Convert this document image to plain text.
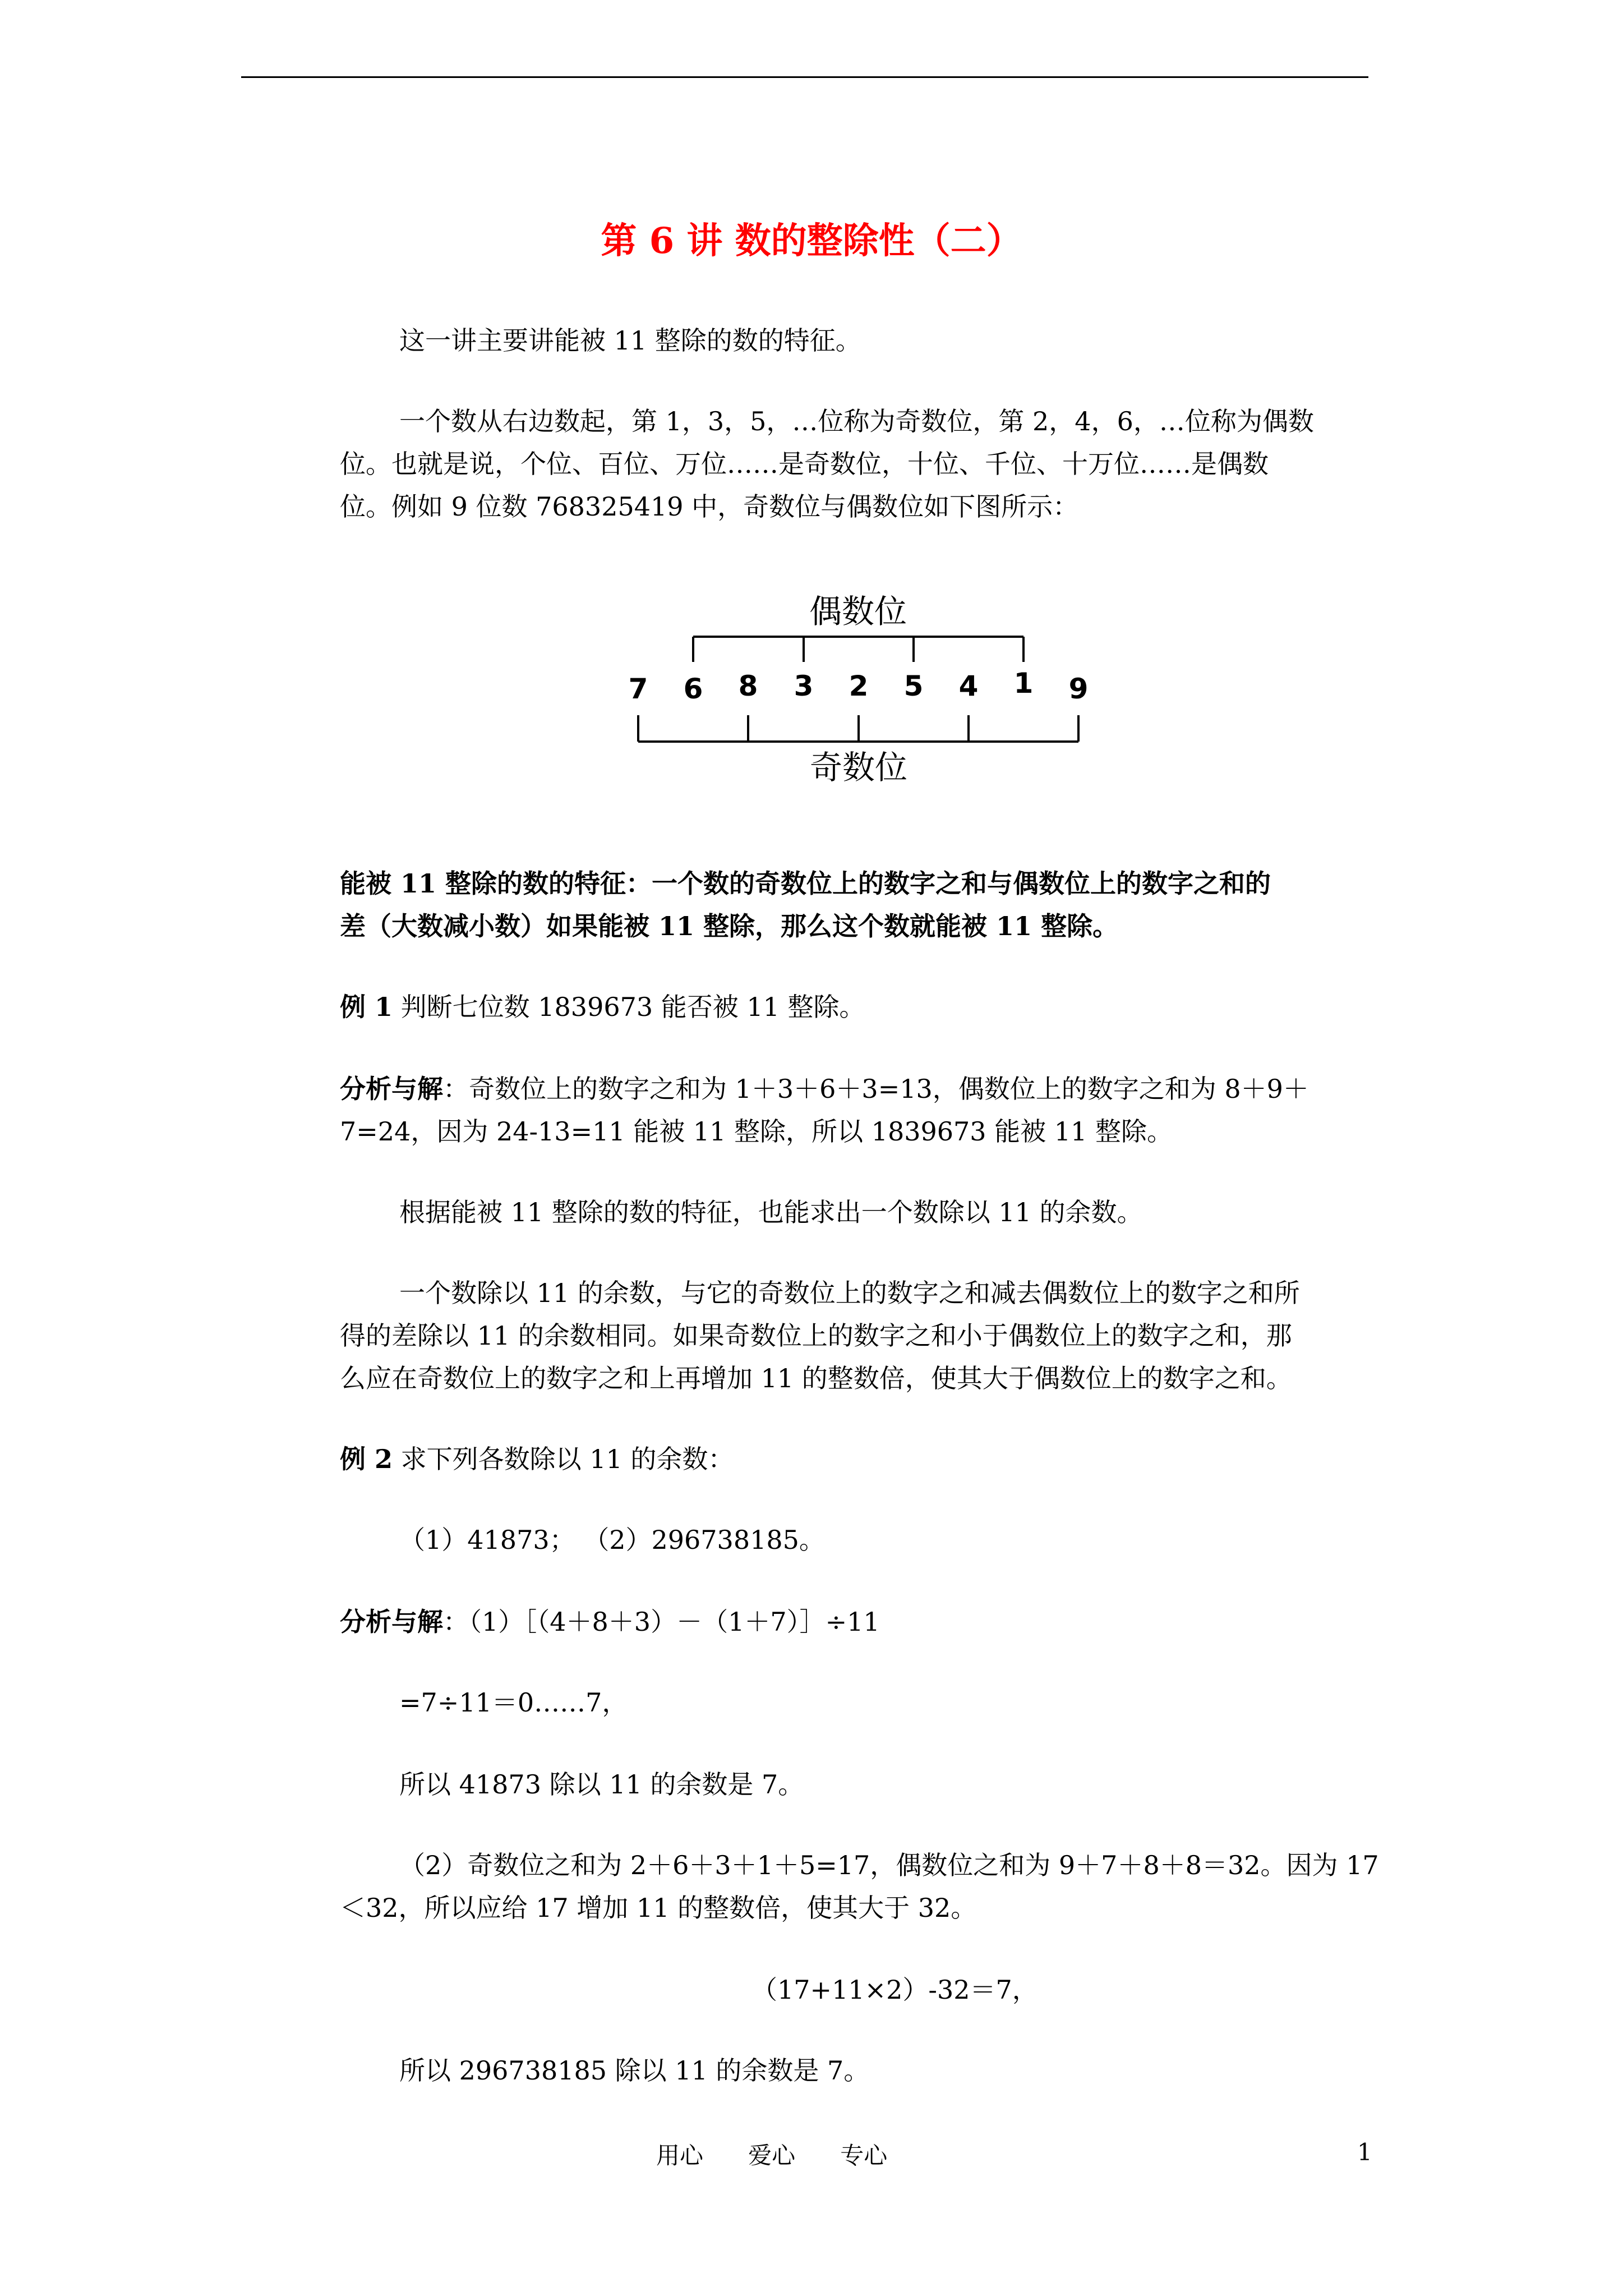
第 6 讲 数的整除性（二）
这一讲主要讲能被 11 整除的数的特征。
一个数从右边数起，第 1，3，5，…位称为奇数位，第 2，4，6，…位称为偶数
位。也就是说，个位、百位、万位……是奇数位，十位、千位、十万位……是偶数
位。例如 9 位数 768325419 中，奇数位与偶数位如下图所示：
偶数位
7 6 8 3 2 5 4 1 9
奇数位
能被 11 整除的数的特征：一个数的奇数位上的数字之和与偶数位上的数字之和的
差（大数减小数）如果能被 11 整除，那么这个数就能被 11 整除。
例 1 判断七位数 1839673 能否被 11 整除。
分析与解：奇数位上的数字之和为 1＋3＋6＋3=13，偶数位上的数字之和为 8＋9＋
7=24，因为 24-13=11 能被 11 整除，所以 1839673 能被 11 整除。
根据能被 11 整除的数的特征，也能求出一个数除以 11 的余数。
一个数除以 11 的余数，与它的奇数位上的数字之和减去偶数位上的数字之和所
得的差除以 11 的余数相同。如果奇数位上的数字之和小于偶数位上的数字之和，那
么应在奇数位上的数字之和上再增加 11 的整数倍，使其大于偶数位上的数字之和。
例 2 求下列各数除以 11 的余数：
（1）41873； （2）296738185。
分析与解：（1）［（4＋8＋3）－（1＋7）］÷11
=7÷11＝0……7，
所以 41873 除以 11 的余数是 7。
（2）奇数位之和为 2＋6＋3＋1＋5=17，偶数位之和为 9＋7＋8＋8＝32。因为 17
＜32，所以应给 17 增加 11 的整数倍，使其大于 32。
（17+11×2）-32＝7，
所以 296738185 除以 11 的余数是 7。
用心      爱心      专心	1
